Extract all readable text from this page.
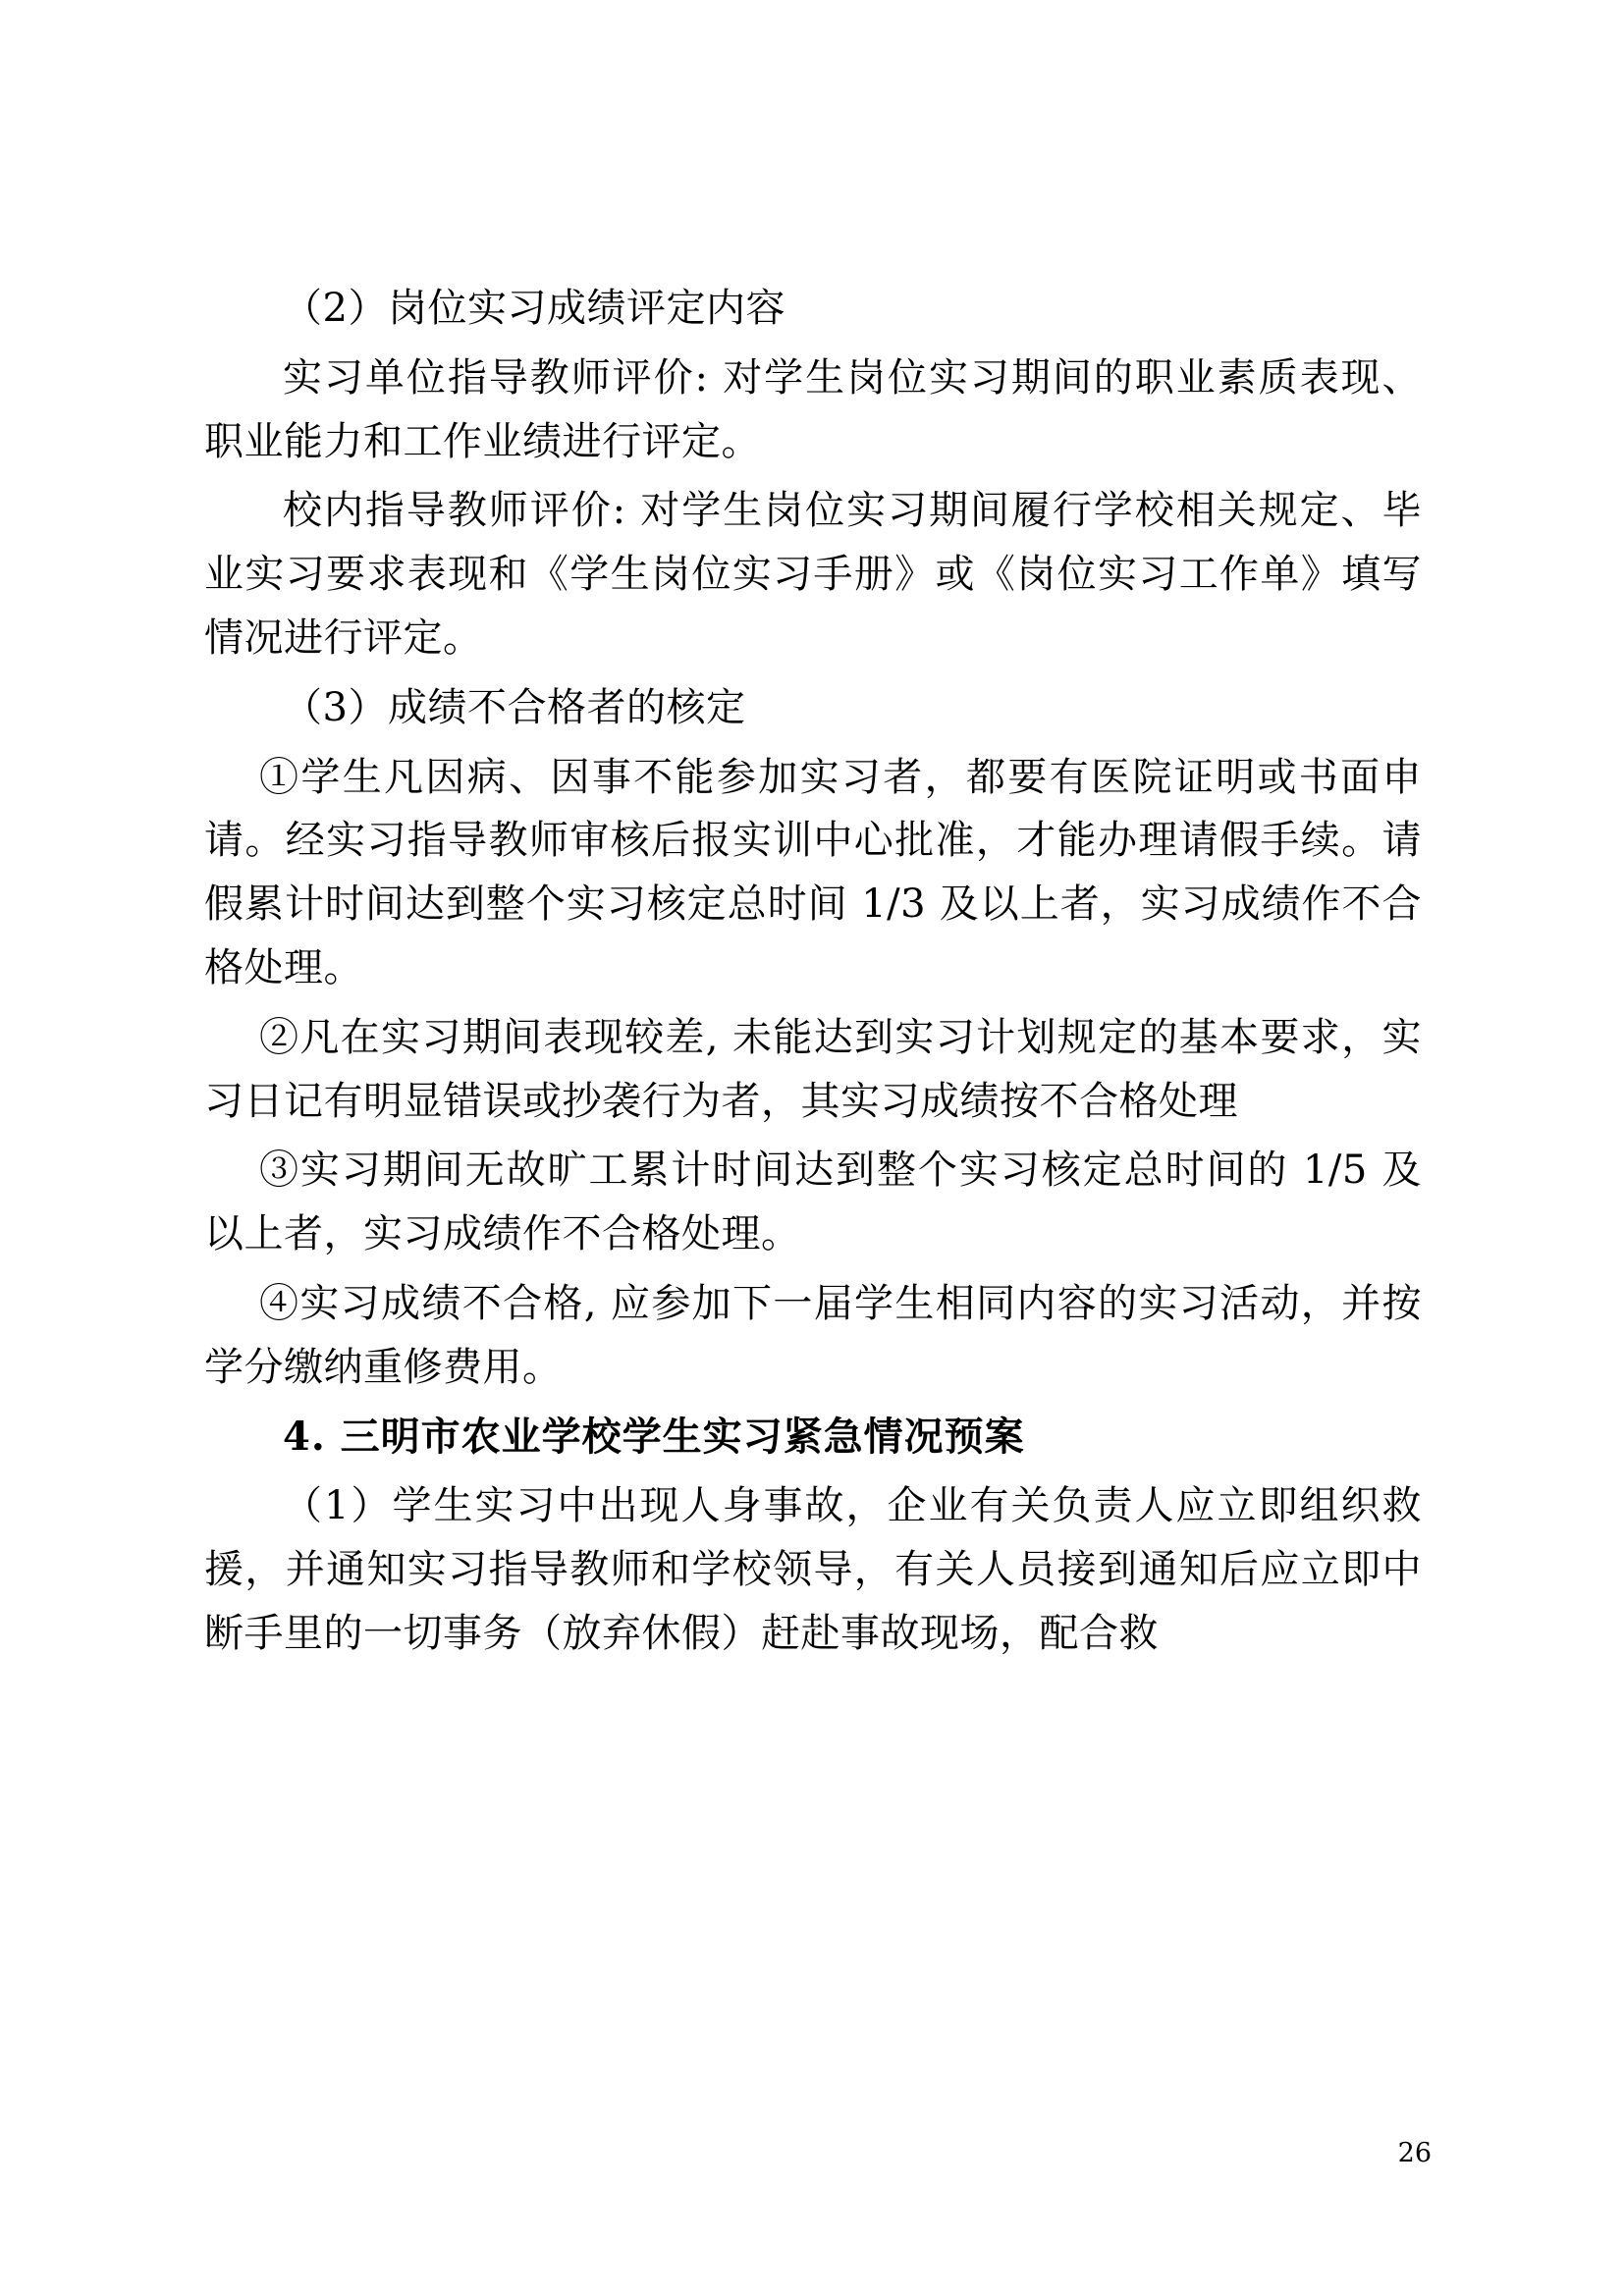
（2）岗位实习成绩评定内容

实习单位指导教师评价: 对学生岗位实习期间的职业素质表现、职业能力和工作业绩进行评定。

校内指导教师评价: 对学生岗位实习期间履行学校相关规定、毕业实习要求表现和《学生岗位实习手册》或《岗位实习工作单》填写情况进行评定。

（3）成绩不合格者的核定

①学生凡因病、因事不能参加实习者，都要有医院证明或书面申请。经实习指导教师审核后报实训中心批准，才能办理请假手续。请假累计时间达到整个实习核定总时间 1/3 及以上者，实习成绩作不合格处理。

②凡在实习期间表现较差, 未能达到实习计划规定的基本要求，实习日记有明显错误或抄袭行为者，其实习成绩按不合格处理

③实习期间无故旷工累计时间达到整个实习核定总时间的 1/5 及以上者，实习成绩作不合格处理。

④实习成绩不合格, 应参加下一届学生相同内容的实习活动，并按学分缴纳重修费用。

4. 三明市农业学校学生实习紧急情况预案

（1）学生实习中出现人身事故，企业有关负责人应立即组织救援，并通知实习指导教师和学校领导，有关人员接到通知后应立即中断手里的一切事务（放弃休假）赶赴事故现场，配合救

26
